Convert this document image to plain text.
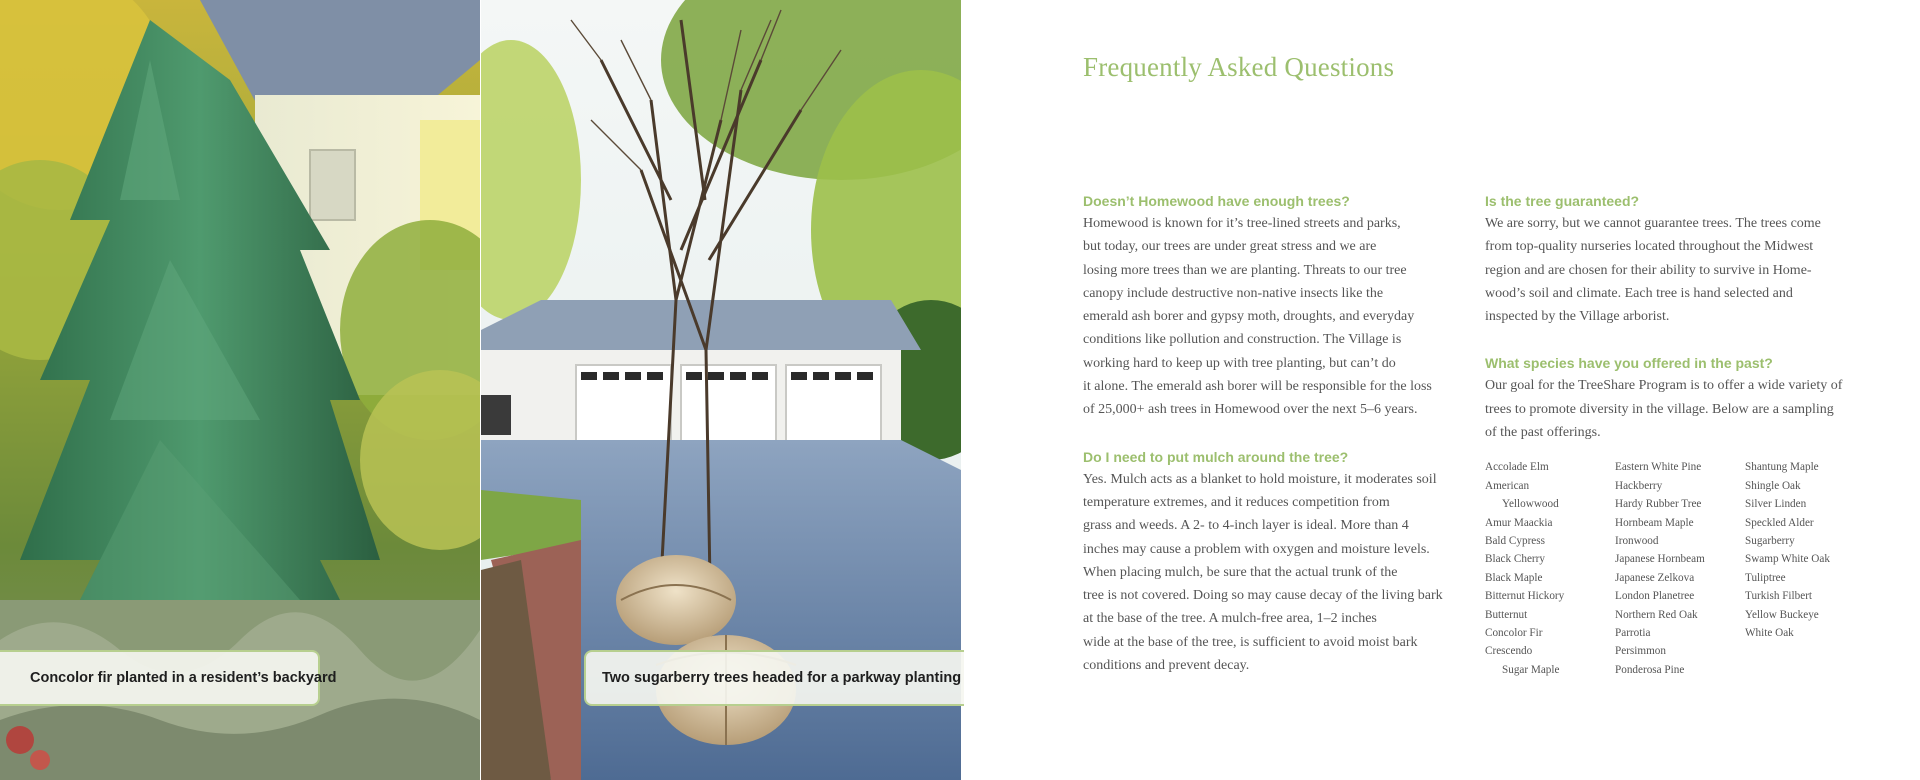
Concolor fir planted in a resident’s backyard	Two sugarberry trees headed for a parkway planting
Frequently Asked Questions
Doesn’t Homewood have enough trees?

Homewood is known for it’s tree-lined streets and parks,
but today, our trees are under great stress and we are
losing more trees than we are planting. Threats to our tree
canopy include destructive non-native insects like the
emerald ash borer and gypsy moth, droughts, and everyday
conditions like pollution and construction. The Village is
working hard to keep up with tree planting, but can’t do
it alone. The emerald ash borer will be responsible for the loss
of 25,000+ ash trees in Homewood over the next 5–6 years.

Do I need to put mulch around the tree?

Yes. Mulch acts as a blanket to hold moisture, it moderates soil
temperature extremes, and it reduces competition from
grass and weeds. A 2- to 4-inch layer is ideal. More than 4
inches may cause a problem with oxygen and moisture levels.
When placing mulch, be sure that the actual trunk of the
tree is not covered. Doing so may cause decay of the living bark
at the base of the tree. A mulch-free area, 1–2 inches
wide at the base of the tree, is sufficient to avoid moist bark
conditions and prevent decay.

Is the tree guaranteed?

We are sorry, but we cannot guarantee trees. The trees come
from top-quality nurseries located throughout the Midwest
region and are chosen for their ability to survive in Home-
wood’s soil and climate. Each tree is hand selected and
inspected by the Village arborist.

What species have you offered in the past?

Our goal for the TreeShare Program is to offer a wide variety of
trees to promote diversity in the village. Below are a sampling
of the past offerings.

Accolade Elm
American
Yellowwood
Amur Maackia
Bald Cypress
Black Cherry
Black Maple
Bitternut Hickory
Butternut
Concolor Fir
Crescendo
Sugar Maple
Eastern White Pine
Hackberry
Hardy Rubber Tree
Hornbeam Maple
Ironwood
Japanese Hornbeam
Japanese Zelkova
London Planetree
Northern Red Oak
Parrotia
Persimmon
Ponderosa Pine
Shantung Maple
Shingle Oak
Silver Linden
Speckled Alder
Sugarberry
Swamp White Oak
Tuliptree
Turkish Filbert
Yellow Buckeye
White Oak
